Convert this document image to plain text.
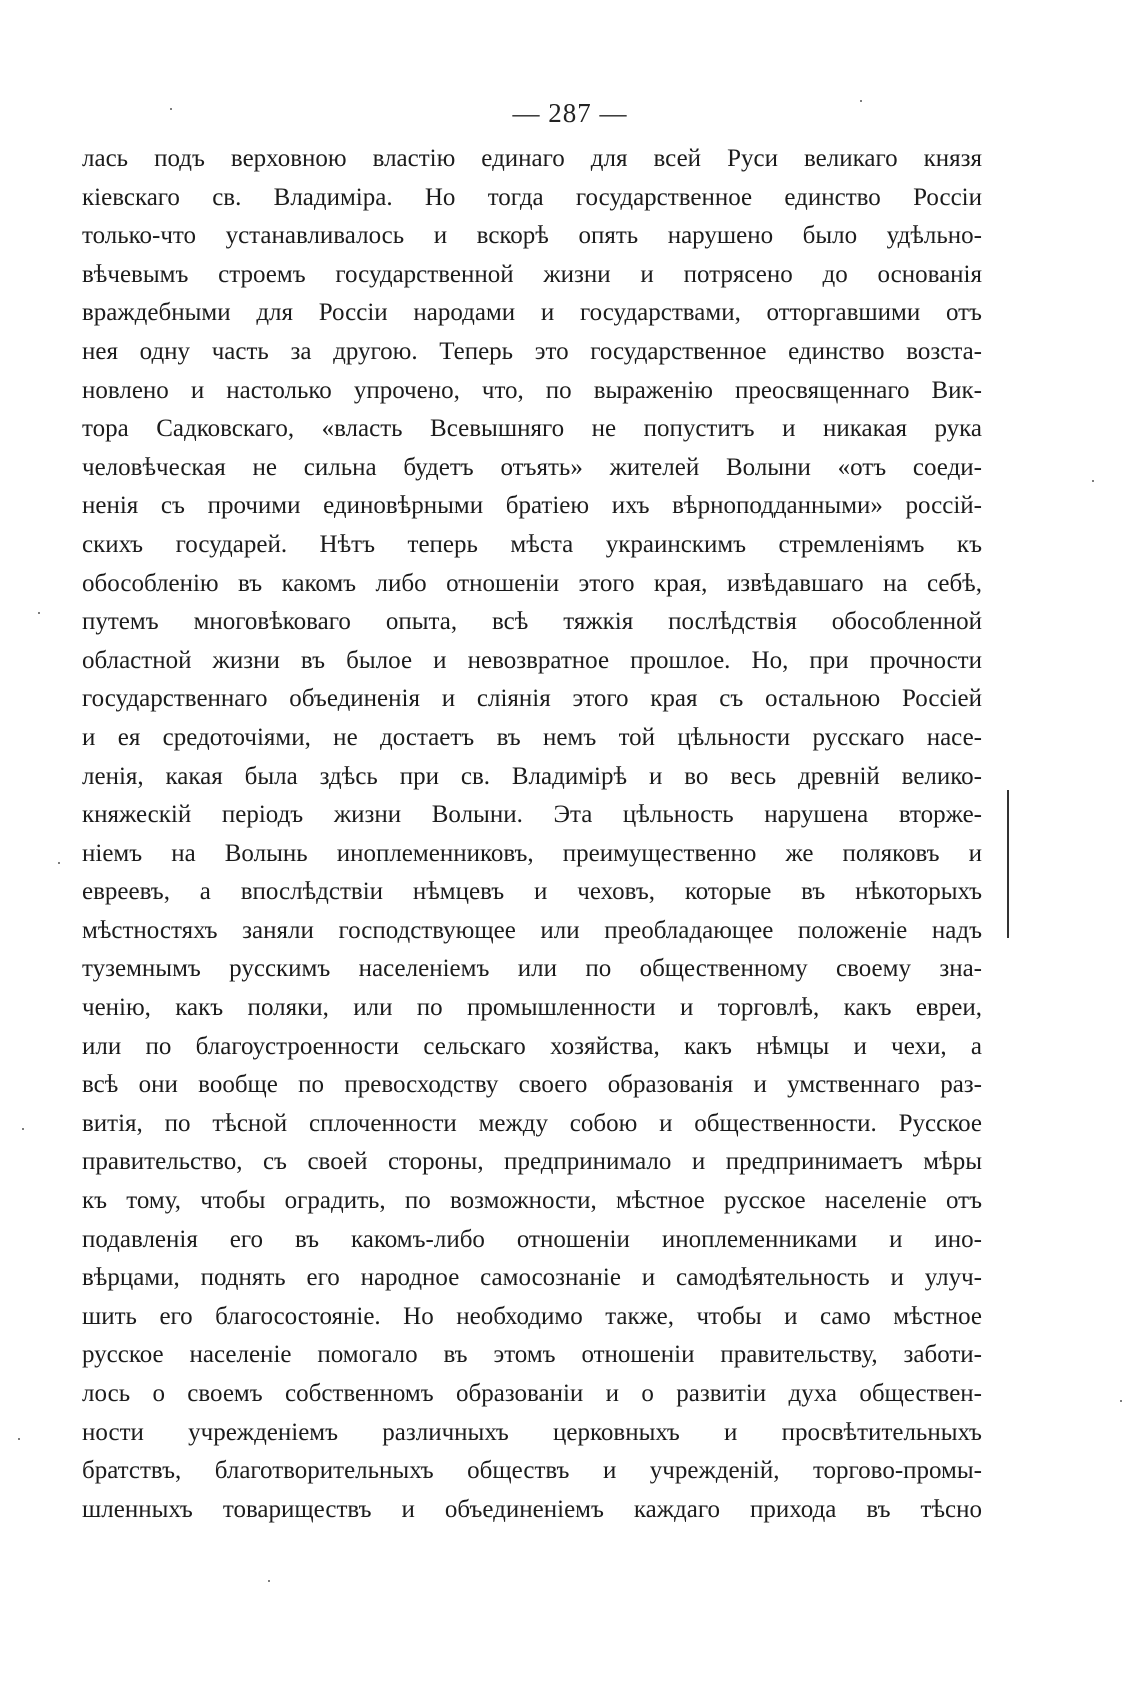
— 287 —
лась подъ верховною властію единаго для всей Руси великаго князя
кіевскаго св. Владиміра. Но тогда государственное единство Россіи
только-что устанавливалось и вскорѣ опять нарушено было удѣльно-
вѣчевымъ строемъ государственной жизни и потрясено до основанія
враждебными для Россіи народами и государствами, отторгавшими отъ
нея одну часть за другою. Теперь это государственное единство возста-
новлено и настолько упрочено, что, по выраженію преосвященнаго Вик-
тора Садковскаго, «власть Всевышняго не попуститъ и никакая рука
человѣческая не сильна будетъ отъять» жителей Волыни «отъ соеди-
ненія съ прочими единовѣрными братіею ихъ вѣрноподданными» россій-
скихъ государей. Нѣтъ теперь мѣста украинскимъ стремленіямъ къ
обособленію въ какомъ либо отношеніи этого края, извѣдавшаго на себѣ,
путемъ многовѣковаго опыта, всѣ тяжкія послѣдствія обособленной
областной жизни въ былое и невозвратное прошлое. Но, при прочности
государственнаго объединенія и сліянія этого края съ остальною Россіей
и ея средоточіями, не достаетъ въ немъ той цѣльности русскаго насе-
ленія, какая была здѣсь при св. Владимірѣ и во весь древній велико-
княжескій періодъ жизни Волыни. Эта цѣльность нарушена вторже-
ніемъ на Волынь иноплеменниковъ, преимущественно же поляковъ и
евреевъ, а впослѣдствіи нѣмцевъ и чеховъ, которые въ нѣкоторыхъ
мѣстностяхъ заняли господствующее или преобладающее положеніе надъ
туземнымъ русскимъ населеніемъ или по общественному своему зна-
ченію, какъ поляки, или по промышленности и торговлѣ, какъ евреи,
или по благоустроенности сельскаго хозяйства, какъ нѣмцы и чехи, а
всѣ они вообще по превосходству своего образованія и умственнаго раз-
витія, по тѣсной сплоченности между собою и общественности. Русское
правительство, съ своей стороны, предпринимало и предпринимаетъ мѣры
къ тому, чтобы оградить, по возможности, мѣстное русское населеніе отъ
подавленія его въ какомъ-либо отношеніи иноплеменниками и ино-
вѣрцами, поднять его народное самосознаніе и самодѣятельность и улуч-
шить его благосостояніе. Но необходимо также, чтобы и само мѣстное
русское населеніе помогало въ этомъ отношеніи правительству, заботи-
лось о своемъ собственномъ образованіи и о развитіи духа обществен-
ности учрежденіемъ различныхъ церковныхъ и просвѣтительныхъ
братствъ, благотворительныхъ обществъ и учрежденій, торгово-промы-
шленныхъ товариществъ и объединеніемъ каждаго прихода въ тѣсно
